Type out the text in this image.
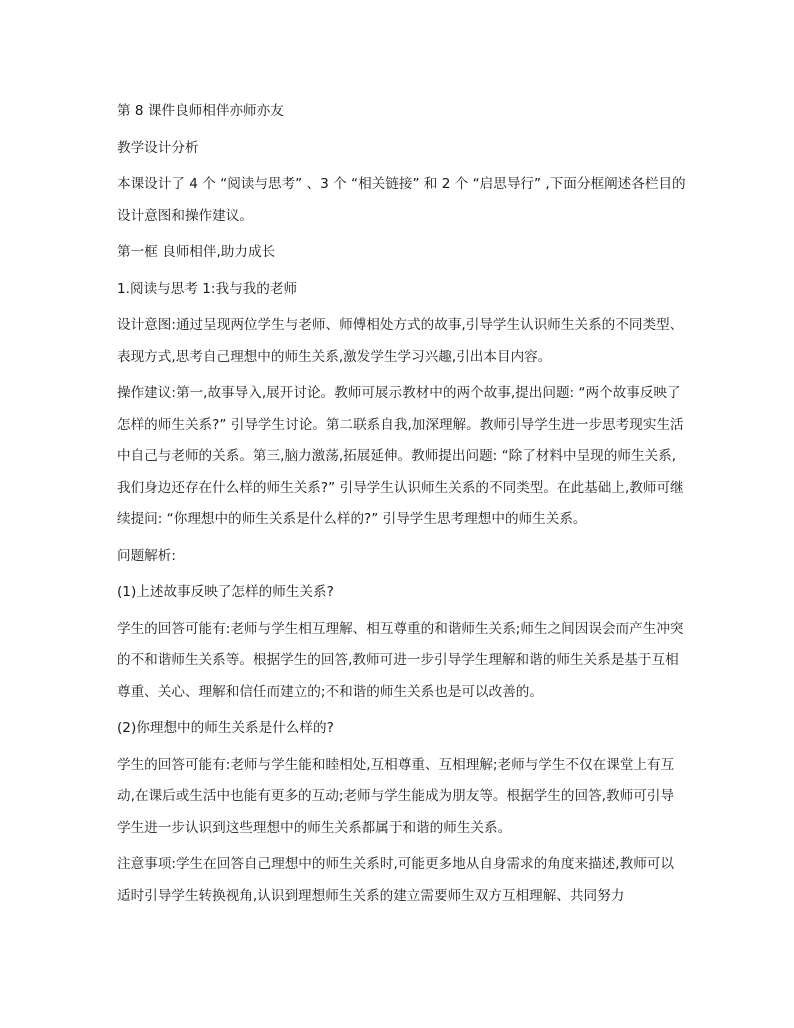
第 8 课件良师相伴亦师亦友

教学设计分析

本课设计了 4 个 “阅读与思考” 、3 个 “相关链接” 和 2 个 “启思导行” ,下面分框阐述各栏目的设计意图和操作建议。

第一框 良师相伴,助力成长

1.阅读与思考 1:我与我的老师

设计意图:通过呈现两位学生与老师、师傅相处方式的故事,引导学生认识师生关系的不同类型、表现方式,思考自己理想中的师生关系,激发学生学习兴趣,引出本目内容。

操作建议:第一,故事导入,展开讨论。教师可展示教材中的两个故事,提出问题: “两个故事反映了怎样的师生关系?” 引导学生讨论。第二联系自我,加深理解。教师引导学生进一步思考现实生活中自己与老师的关系。第三,脑力激荡,拓展延伸。教师提出问题: “除了材料中呈现的师生关系,我们身边还存在什么样的师生关系?” 引导学生认识师生关系的不同类型。在此基础上,教师可继续提问: “你理想中的师生关系是什么样的?” 引导学生思考理想中的师生关系。

问题解析:

(1)上述故事反映了怎样的师生关系?

学生的回答可能有:老师与学生相互理解、相互尊重的和谐师生关系;师生之间因误会而产生冲突的不和谐师生关系等。根据学生的回答,教师可进一步引导学生理解和谐的师生关系是基于互相尊重、关心、理解和信任而建立的;不和谐的师生关系也是可以改善的。

(2)你理想中的师生关系是什么样的?

学生的回答可能有:老师与学生能和睦相处,互相尊重、互相理解;老师与学生不仅在课堂上有互动,在课后或生活中也能有更多的互动;老师与学生能成为朋友等。根据学生的回答,教师可引导学生进一步认识到这些理想中的师生关系都属于和谐的师生关系。

注意事项:学生在回答自己理想中的师生关系时,可能更多地从自身需求的角度来描述,教师可以适时引导学生转换视角,认识到理想师生关系的建立需要师生双方互相理解、共同努力
